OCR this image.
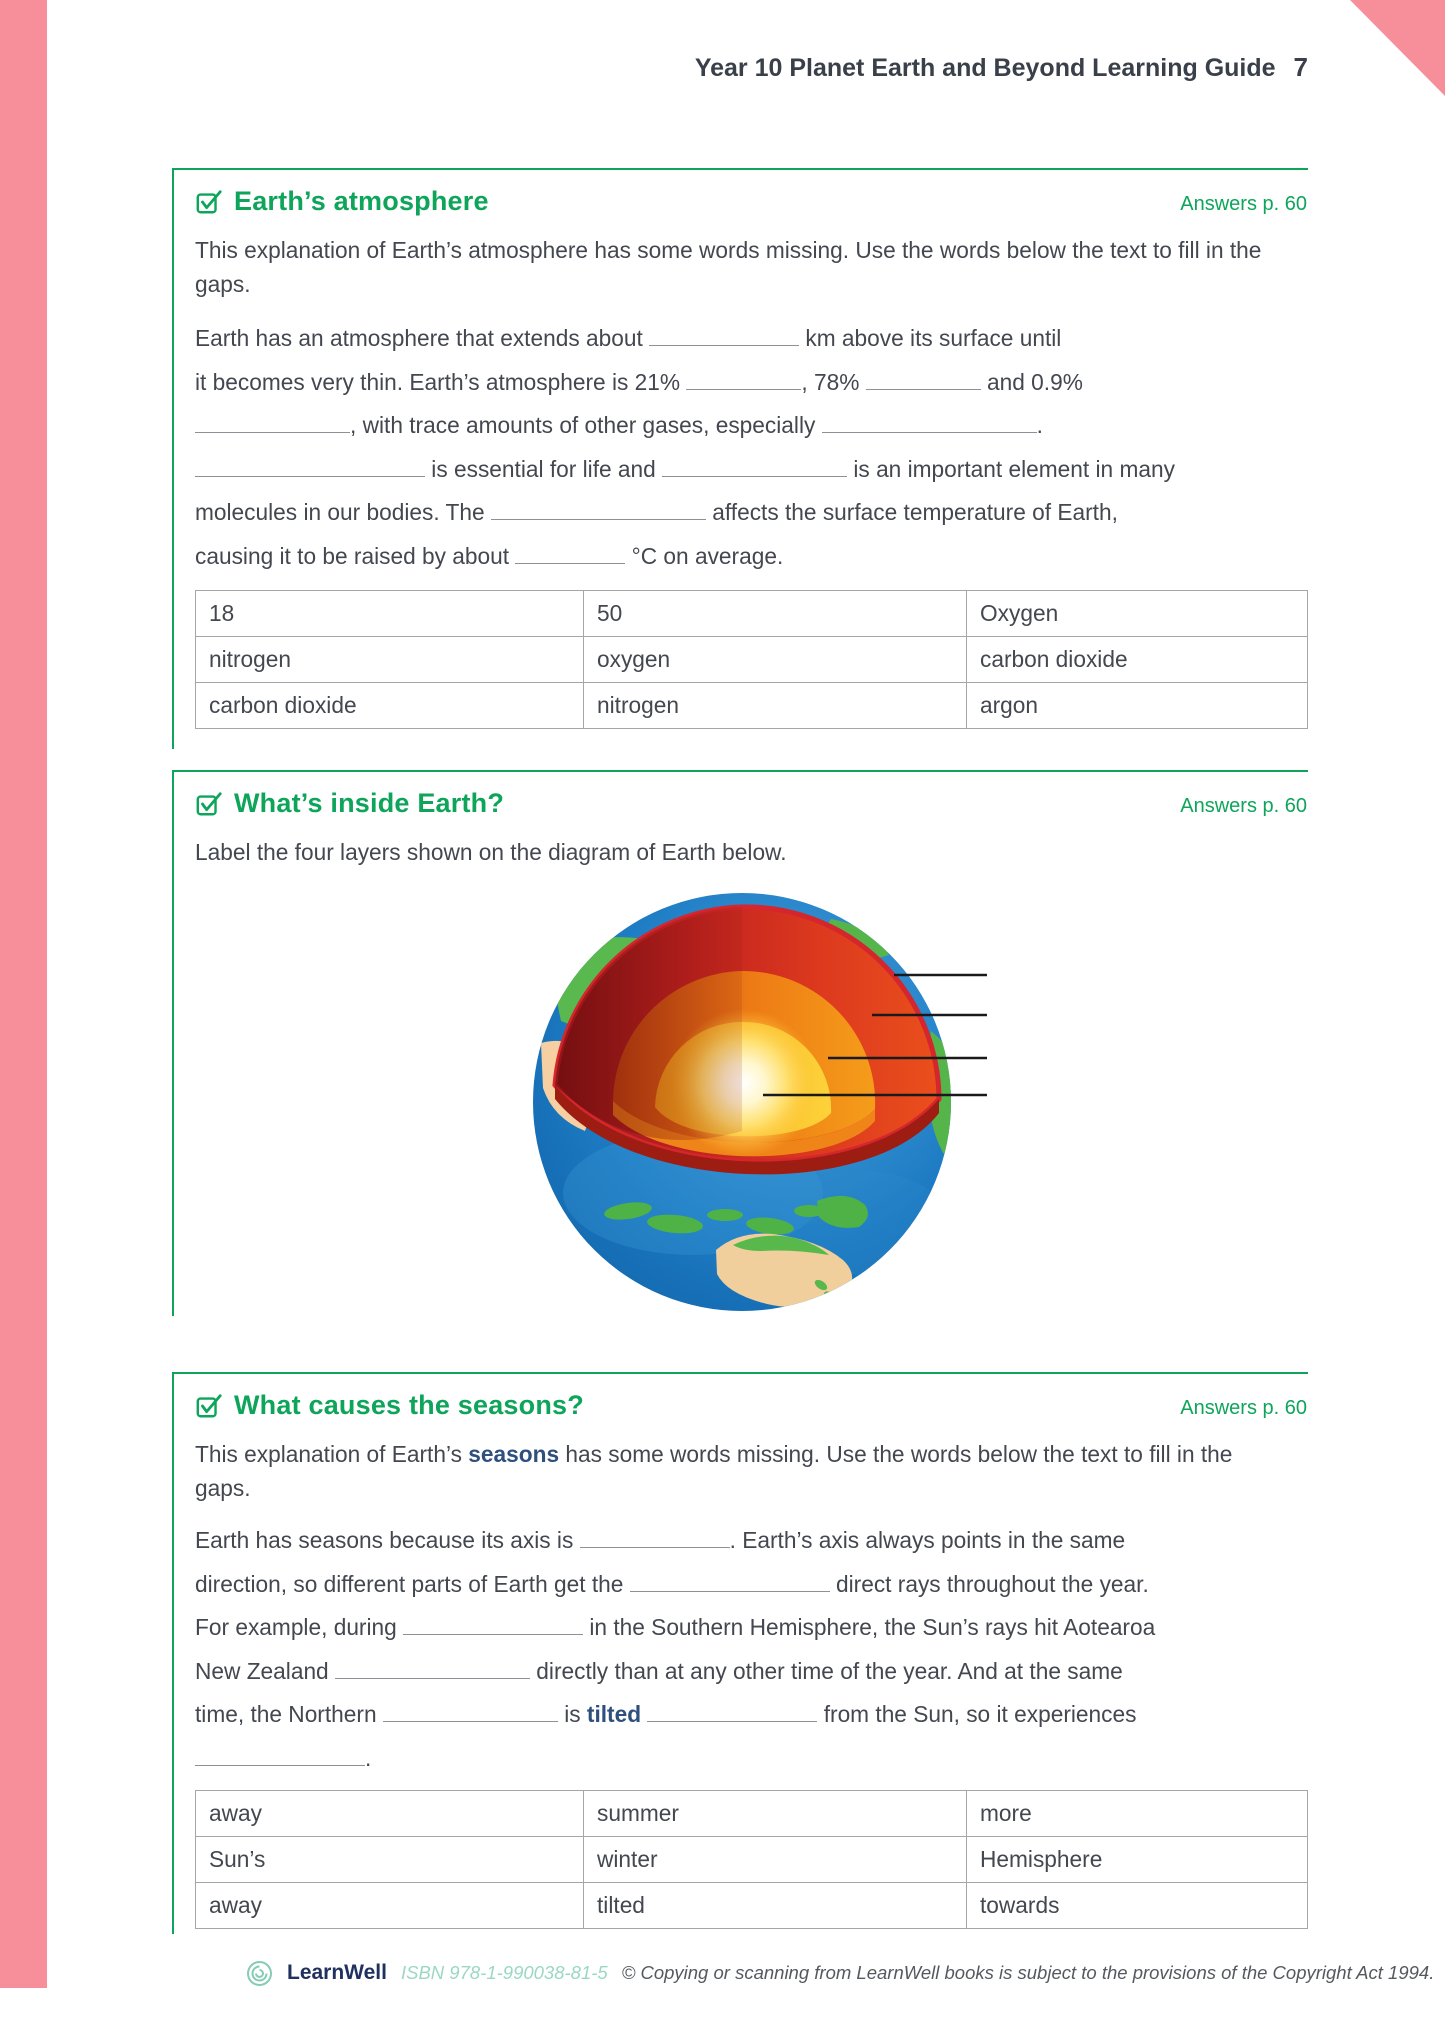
Year 10 Planet Earth and Beyond Learning Guide 7
Earth’s atmosphere	Answers p. 60

This explanation of Earth’s atmosphere has some words missing. Use the words below the text to fill in the gaps.

Earth has an atmosphere that extends about	km above its surface until
it becomes very thin. Earth’s atmosphere is 21%	, 78%	and 0.9%
, with trace amounts of other gases, especially	.
is essential for life and	is an important element in many
molecules in our bodies. The	affects the surface temperature of Earth,
causing it to be raised by about	°C on average.
18	50	Oxygen
nitrogen	oxygen	carbon dioxide
carbon dioxide	nitrogen	argon
What’s inside Earth?	Answers p. 60

Label the four layers shown on the diagram of Earth below.

What causes the seasons?	Answers p. 60

This explanation of Earth’s seasons has some words missing. Use the words below the text to fill in the gaps.

Earth has seasons because its axis is	. Earth’s axis always points in the same
direction, so different parts of Earth get the	direct rays throughout the year.
For example, during	in the Southern Hemisphere, the Sun’s rays hit Aotearoa
New Zealand	directly than at any other time of the year. And at the same
time, the Northern	is tilted	from the Sun, so it experiences
.
away	summer	more
Sun’s	winter	Hemisphere
away	tilted	towards
LearnWell ISBN 978-1-990038-81-5 © Copying or scanning from LearnWell books is subject to the provisions of the Copyright Act 1994.
